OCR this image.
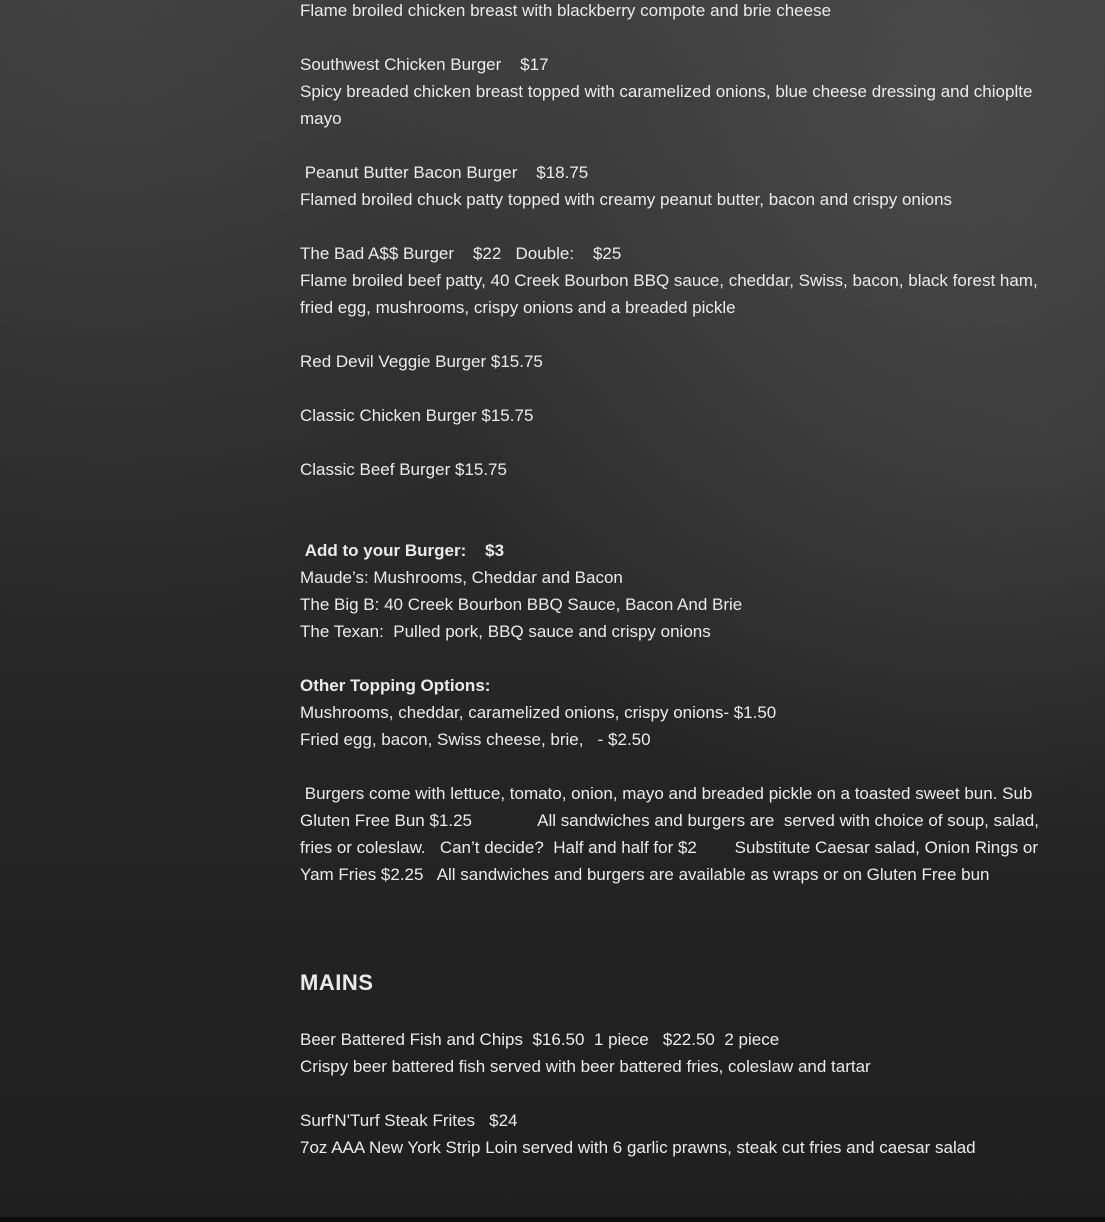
Flame broiled chicken breast with blackberry compote and brie cheese

Southwest Chicken Burger    $17

Spicy breaded chicken breast topped with caramelized onions, blue cheese dressing and chioplte mayo

Peanut Butter Bacon Burger    $18.75

Flamed broiled chuck patty topped with creamy peanut butter, bacon and crispy onions

The Bad A$$ Burger    $22   Double:    $25

Flame broiled beef patty, 40 Creek Bourbon BBQ sauce, cheddar, Swiss, bacon, black forest ham, fried egg, mushrooms, crispy onions and a breaded pickle

Red Devil Veggie Burger $15.75

Classic Chicken Burger $15.75

Classic Beef Burger $15.75

Add to your Burger:    $3

Maude’s: Mushrooms, Cheddar and Bacon

The Big B: 40 Creek Bourbon BBQ Sauce, Bacon And Brie

The Texan:  Pulled pork, BBQ sauce and crispy onions

Other Topping Options:

Mushrooms, cheddar, caramelized onions, crispy onions- $1.50

Fried egg, bacon, Swiss cheese, brie,   - $2.50

Burgers come with lettuce, tomato, onion, mayo and breaded pickle on a toasted sweet bun. Sub Gluten Free Bun $1.25              All sandwiches and burgers are  served with choice of soup, salad, fries or coleslaw.   Can’t decide?  Half and half for $2        Substitute Caesar salad, Onion Rings or Yam Fries $2.25   All sandwiches and burgers are available as wraps or on Gluten Free bun

MAINS

Beer Battered Fish and Chips  $16.50  1 piece   $22.50  2 piece

Crispy beer battered fish served with beer battered fries, coleslaw and tartar

Surf'N'Turf Steak Frites   $24

7oz AAA New York Strip Loin served with 6 garlic prawns, steak cut fries and caesar salad
